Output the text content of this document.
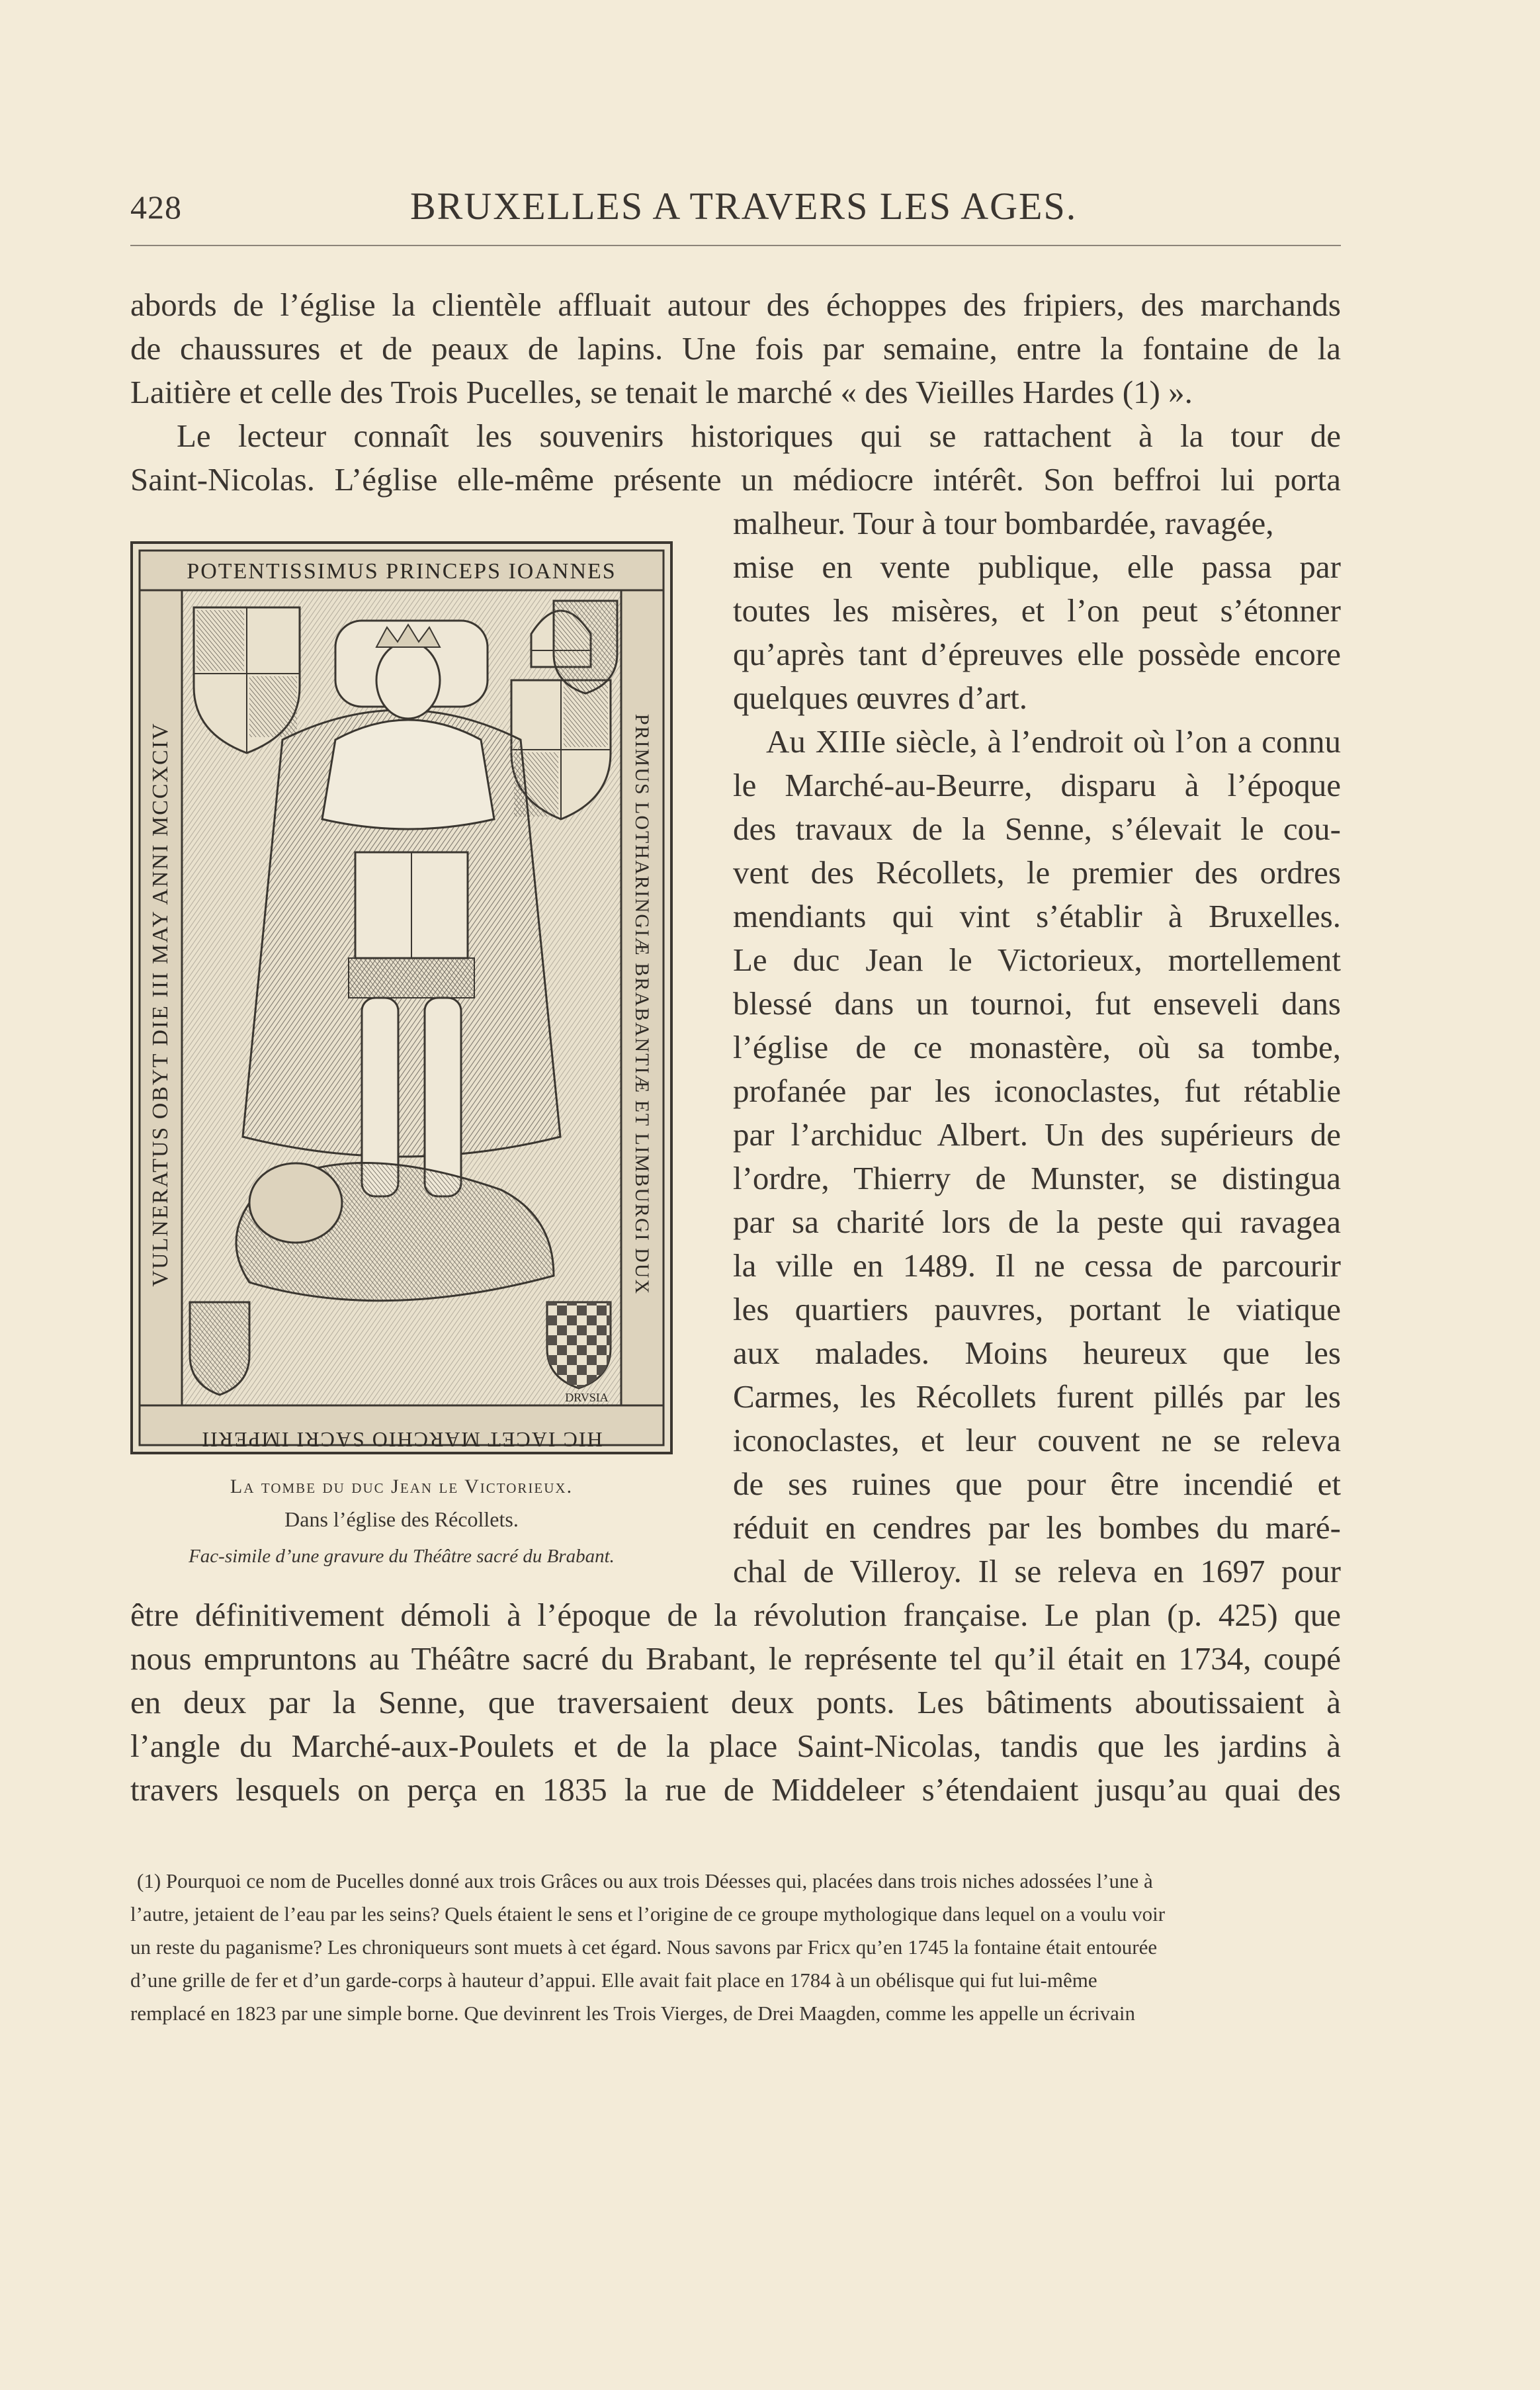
428	BRUXELLES A TRAVERS LES AGES.
abords de l’église la clientèle affluait autour des échoppes des fripiers, des marchands
de chaussures et de peaux de lapins. Une fois par semaine, entre la fontaine de la
Laitière et celle des Trois Pucelles, se tenait le marché « des Vieilles Hardes (1) ».
Le lecteur connaît les souvenirs historiques qui se rattachent à la tour de
Saint-Nicolas. L’église elle-même présente un médiocre intérêt. Son beffroi lui porta
malheur. Tour à tour bombardée, ravagée,
mise en vente publique, elle passa par
toutes les misères, et l’on peut s’étonner
qu’après tant d’épreuves elle possède encore
quelques œuvres d’art.
Au XIIIe siècle, à l’endroit où l’on a connu
le Marché-au-Beurre, disparu à l’époque
des travaux de la Senne, s’élevait le cou-
vent des Récollets, le premier des ordres
mendiants qui vint s’établir à Bruxelles.
Le duc Jean le Victorieux, mortellement
blessé dans un tournoi, fut enseveli dans
l’église de ce monastère, où sa tombe,
profanée par les iconoclastes, fut rétablie
par l’archiduc Albert. Un des supérieurs de
l’ordre, Thierry de Munster, se distingua
par sa charité lors de la peste qui ravagea
la ville en 1489. Il ne cessa de parcourir
les quartiers pauvres, portant le viatique
aux malades. Moins heureux que les
Carmes, les Récollets furent pillés par les
iconoclastes, et leur couvent ne se releva
de ses ruines que pour être incendié et
réduit en cendres par les bombes du maré-
chal de Villeroy. Il se releva en 1697 pour
être définitivement démoli à l’époque de la révolution française. Le plan (p. 425) que
nous empruntons au Théâtre sacré du Brabant, le représente tel qu’il était en 1734, coupé
en deux par la Senne, que traversaient deux ponts. Les bâtiments aboutissaient à
l’angle du Marché-aux-Poulets et de la place Saint-Nicolas, tandis que les jardins à
travers lesquels on perça en 1835 la rue de Middeleer s’étendaient jusqu’au quai des
POTENTISSIMUS PRINCEPS IOANNES
HIC IACET MARCHIO SACRI IMPERII
VULNERATUS OBYT DIE III MAY ANNI MCCXCIV	PRIMUS LOTHARINGIÆ BRABANTIÆ ET LIMBURGI DUX
DRVSIA
La tombe du duc Jean le Victorieux.
Dans l’église des Récollets.
Fac-simile d’une gravure du Théâtre sacré du Brabant.
(1) Pourquoi ce nom de Pucelles donné aux trois Grâces ou aux trois Déesses qui, placées dans trois niches adossées l’une à
l’autre, jetaient de l’eau par les seins? Quels étaient le sens et l’origine de ce groupe mythologique dans lequel on a voulu voir
un reste du paganisme? Les chroniqueurs sont muets à cet égard. Nous savons par Fricx qu’en 1745 la fontaine était entourée
d’une grille de fer et d’un garde-corps à hauteur d’appui. Elle avait fait place en 1784 à un obélisque qui fut lui-même
remplacé en 1823 par une simple borne. Que devinrent les Trois Vierges, de Drei Maagden, comme les appelle un écrivain
